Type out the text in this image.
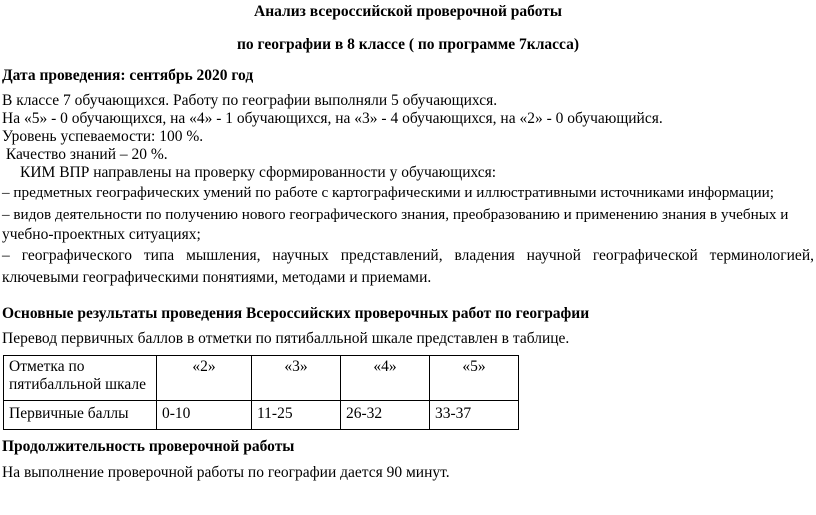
Анализ всероссийской проверочной работы
по географии в 8 классе ( по программе 7класса)
Дата проведения: сентябрь 2020 год
В классе 7 обучающихся. Работу по географии выполняли 5 обучающихся.
На «5» - 0 обучающихся, на «4» - 1 обучающихся, на «3» - 4 обучающихся, на «2» - 0 обучающийся.
Уровень успеваемости: 100 %.
Качество знаний – 20 %.
КИМ ВПР направлены на проверку сформированности у обучающихся:
– предметных географических умений по работе с картографическими и иллюстративными источниками информации;
– видов деятельности по получению нового географического знания, преобразованию и применению знания в учебных и
учебно-проектных ситуациях;
– географического типа мышления, научных представлений, владения научной географической терминологией,
ключевыми географическими понятиями, методами и приемами.
Основные результаты проведения Всероссийских проверочных работ по географии
Перевод первичных баллов в отметки по пятибалльной шкале представлен в таблице.
Отметка по пятибалльной шкале	«2»	«3»	«4»	«5»
Первичные баллы	0-10	11-25	26-32	33-37
Продолжительность проверочной работы
На выполнение проверочной работы по географии дается 90 минут.
